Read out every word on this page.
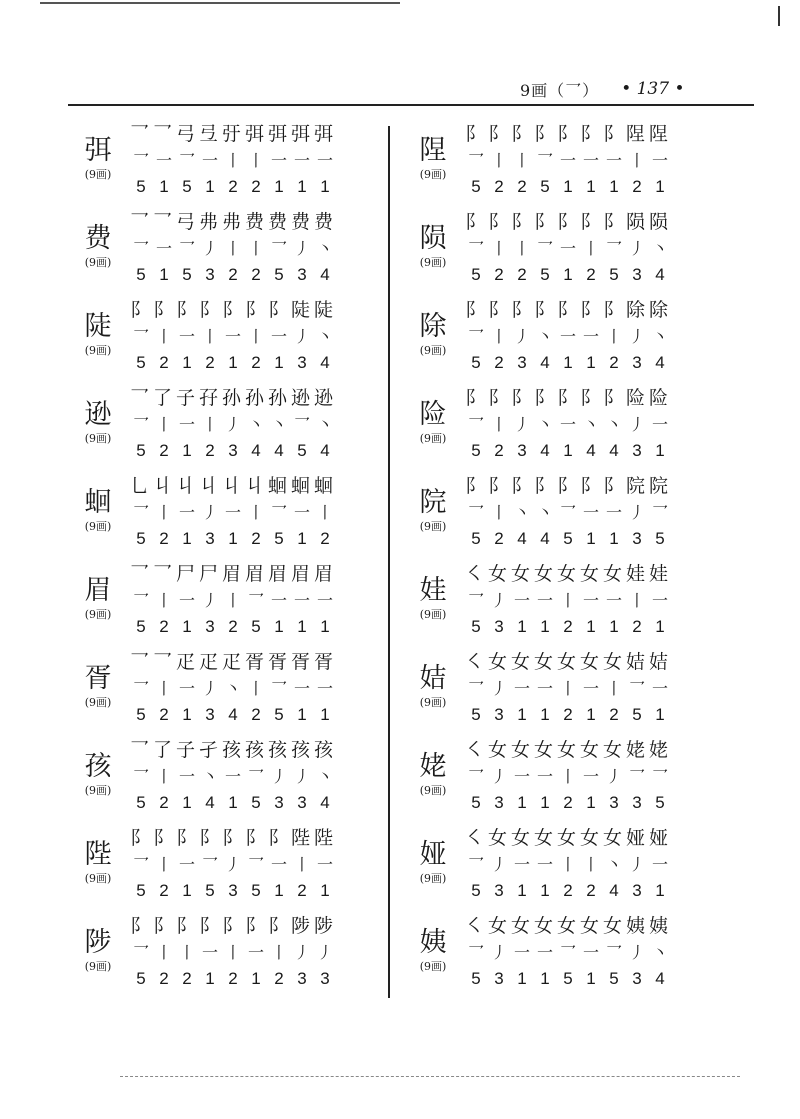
9画（乛） • 137 •
弭
(9画)
乛 乛 弓 弖 弙 弭 弭 弭 弭
乛 一 乛 一 丨 丨 一 一 一
5 1 5 1 2 2 1 1 1
费
(9画)
乛 乛 弓 弗 弗 费 费 费 费
乛 一 乛 丿 丨 丨 乛 丿 丶
5 1 5 3 2 2 5 3 4
陡
(9画)
阝 阝 阝 阝 阝 阝 阝 陡 陡
乛 丨 一 丨 一 丨 一 丿 丶
5 2 1 2 1 2 1 3 4
逊
(9画)
乛 了 子 孖 孙 孙 孙 逊 逊
乛 丨 一 丨 丿 丶 丶 乛 丶
5 2 1 2 3 4 4 5 4
蛔
(9画)
乚 丩 丩 丩 丩 丩 蛔 蛔 蛔
乛 丨 一 丿 一 丨 乛 一 丨
5 2 1 3 1 2 5 1 2
眉
(9画)
乛 乛 尸 尸 眉 眉 眉 眉 眉
乛 丨 一 丿 丨 乛 一 一 一
5 2 1 3 2 5 1 1 1
胥
(9画)
乛 乛 疋 疋 疋 胥 胥 胥 胥
乛 丨 一 丿 丶 丨 乛 一 一
5 2 1 3 4 2 5 1 1
孩
(9画)
乛 了 子 孑 孩 孩 孩 孩 孩
乛 丨 一 丶 一 乛 丿 丿 丶
5 2 1 4 1 5 3 3 4
陛
(9画)
阝 阝 阝 阝 阝 阝 阝 陛 陛
乛 丨 一 乛 丿 乛 一 丨 一
5 2 1 5 3 5 1 2 1
陟
(9画)
阝 阝 阝 阝 阝 阝 阝 陟 陟
乛 丨 丨 一 丨 一 丨 丿 丿
5 2 2 1 2 1 2 3 3
陧
(9画)
阝 阝 阝 阝 阝 阝 阝 陧 陧
乛 丨 丨 乛 一 一 一 丨 一
5 2 2 5 1 1 1 2 1
陨
(9画)
阝 阝 阝 阝 阝 阝 阝 陨 陨
乛 丨 丨 乛 一 丨 乛 丿 丶
5 2 2 5 1 2 5 3 4
除
(9画)
阝 阝 阝 阝 阝 阝 阝 除 除
乛 丨 丿 丶 一 一 丨 丿 丶
5 2 3 4 1 1 2 3 4
险
(9画)
阝 阝 阝 阝 阝 阝 阝 险 险
乛 丨 丿 丶 一 丶 丶 丿 一
5 2 3 4 1 4 4 3 1
院
(9画)
阝 阝 阝 阝 阝 阝 阝 院 院
乛 丨 丶 丶 乛 一 一 丿 乛
5 2 4 4 5 1 1 3 5
娃
(9画)
㇛ 女 女 女 女 女 女 娃 娃
乛 丿 一 一 丨 一 一 丨 一
5 3 1 1 2 1 1 2 1
姞
(9画)
㇛ 女 女 女 女 女 女 姞 姞
乛 丿 一 一 丨 一 丨 乛 一
5 3 1 1 2 1 2 5 1
姥
(9画)
㇛ 女 女 女 女 女 女 姥 姥
乛 丿 一 一 丨 一 丿 乛 乛
5 3 1 1 2 1 3 3 5
娅
(9画)
㇛ 女 女 女 女 女 女 娅 娅
乛 丿 一 一 丨 丨 丶 丿 一
5 3 1 1 2 2 4 3 1
姨
(9画)
㇛ 女 女 女 女 女 女 姨 姨
乛 丿 一 一 乛 一 乛 丿 丶
5 3 1 1 5 1 5 3 4
